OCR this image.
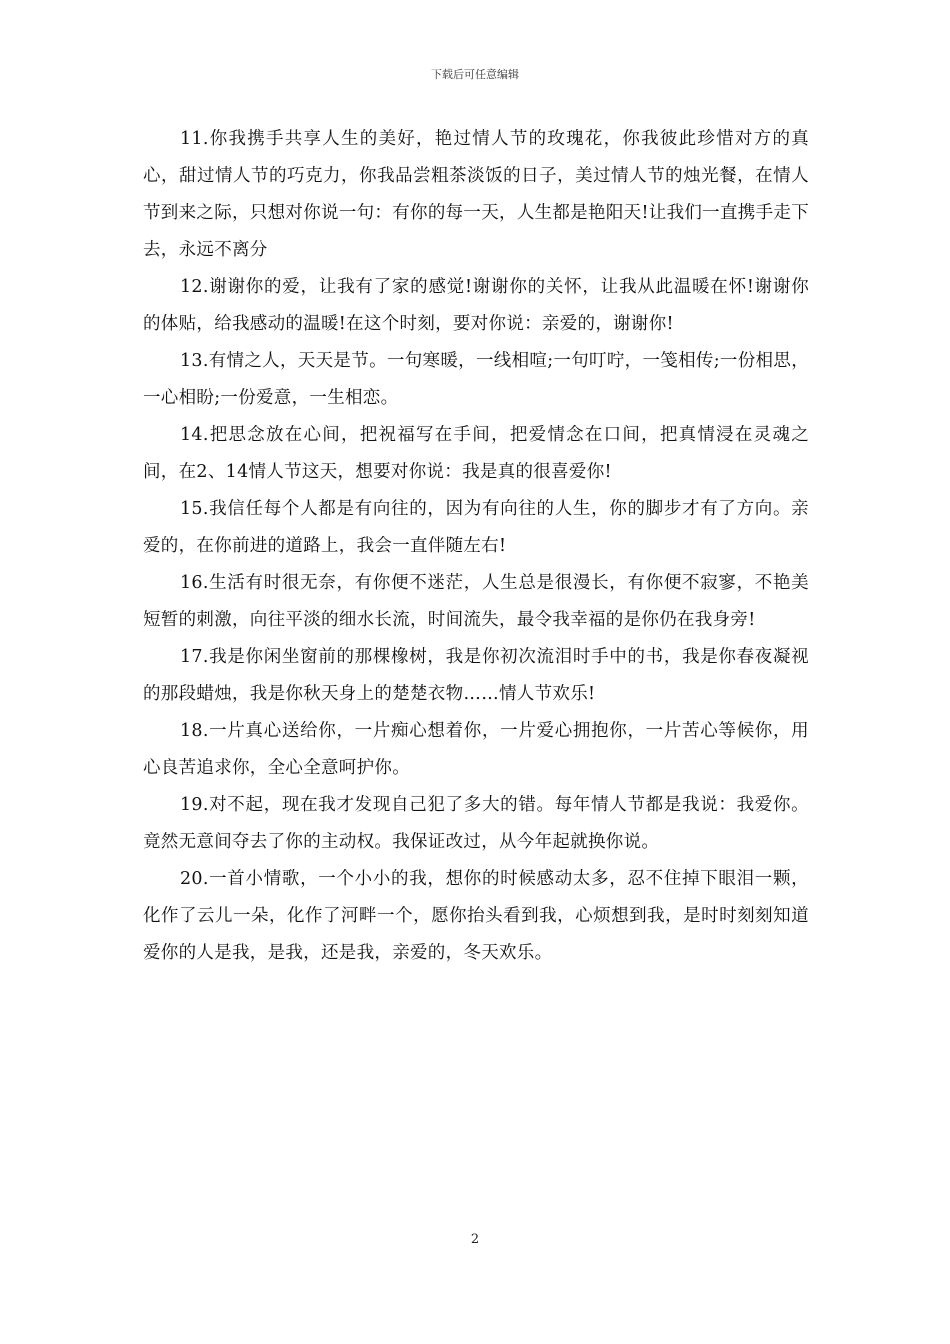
下载后可任意编辑

11.你我携手共享人生的美好，艳过情人节的玫瑰花，你我彼此珍惜对方的真心，甜过情人节的巧克力，你我品尝粗茶淡饭的日子，美过情人节的烛光餐，在情人节到来之际，只想对你说一句：有你的每一天，人生都是艳阳天!让我们一直携手走下去，永远不离分

12.谢谢你的爱，让我有了家的感觉!谢谢你的关怀，让我从此温暖在怀!谢谢你的体贴，给我感动的温暖!在这个时刻，要对你说：亲爱的，谢谢你!

13.有情之人，天天是节。一句寒暖，一线相喧;一句叮咛，一笺相传;一份相思，一心相盼;一份爱意，一生相恋。

14.把思念放在心间，把祝福写在手间，把爱情念在口间，把真情浸在灵魂之间，在2、14情人节这天，想要对你说：我是真的很喜爱你!

15.我信任每个人都是有向往的，因为有向往的人生，你的脚步才有了方向。亲爱的，在你前进的道路上，我会一直伴随左右!

16.生活有时很无奈，有你便不迷茫，人生总是很漫长，有你便不寂寥，不艳美短暂的刺激，向往平淡的细水长流，时间流失，最令我幸福的是你仍在我身旁!

17.我是你闲坐窗前的那棵橡树，我是你初次流泪时手中的书，我是你春夜凝视的那段蜡烛，我是你秋天身上的楚楚衣物……情人节欢乐!

18.一片真心送给你，一片痴心想着你，一片爱心拥抱你，一片苦心等候你，用心良苦追求你，全心全意呵护你。

19.对不起，现在我才发现自己犯了多大的错。每年情人节都是我说：我爱你。竟然无意间夺去了你的主动权。我保证改过，从今年起就换你说。

20.一首小情歌，一个小小的我，想你的时候感动太多，忍不住掉下眼泪一颗，化作了云儿一朵，化作了河畔一个，愿你抬头看到我，心烦想到我，是时时刻刻知道爱你的人是我，是我，还是我，亲爱的，冬天欢乐。

2
